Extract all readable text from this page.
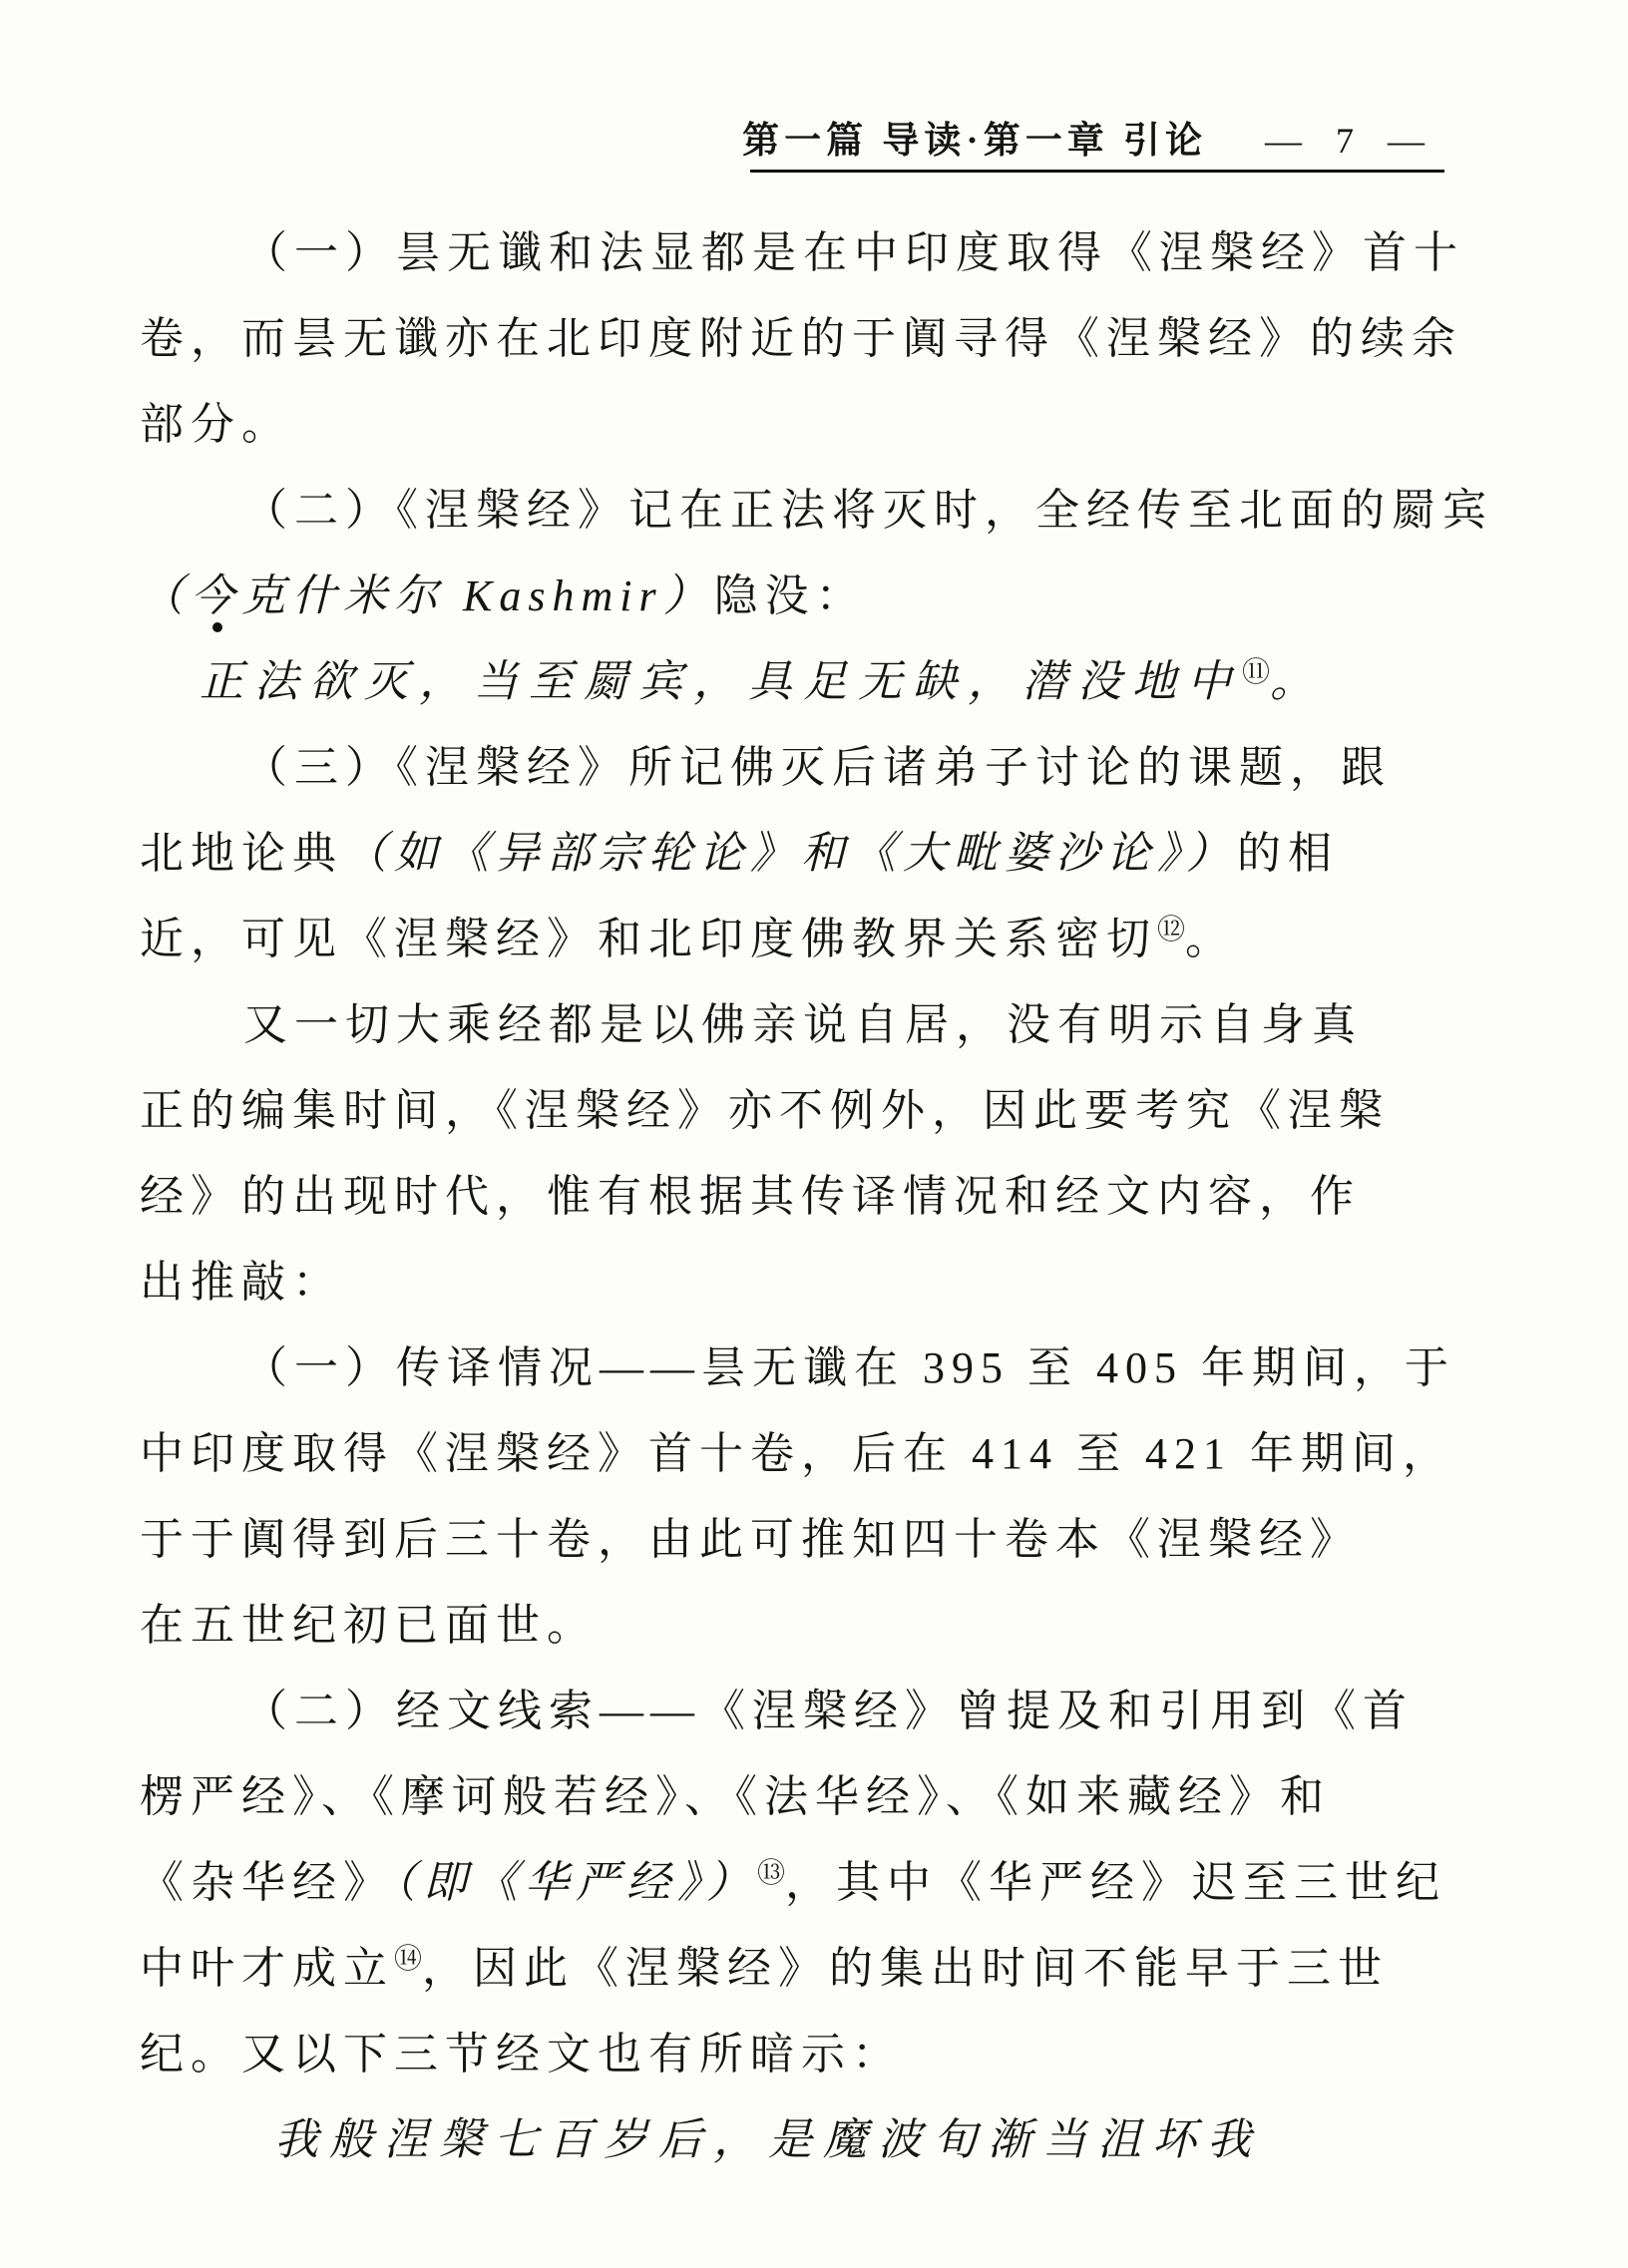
第一篇 导读·第一章 引论 — 7 —
（一）昙无谶和法显都是在中印度取得《涅槃经》首十
卷，而昙无谶亦在北印度附近的于阗寻得《涅槃经》的续余
部分。
（二）《涅槃经》记在正法将灭时，全经传至北面的罽宾
（今克什米尔 Kashmir）隐没：
正法欲灭，当至罽宾，具足无缺，潜没地中⑪。
（三）《涅槃经》所记佛灭后诸弟子讨论的课题，跟
北地论典（如《异部宗轮论》和《大毗婆沙论》）的相
近，可见《涅槃经》和北印度佛教界关系密切⑫。
又一切大乘经都是以佛亲说自居，没有明示自身真
正的编集时间，《涅槃经》亦不例外，因此要考究《涅槃
经》的出现时代，惟有根据其传译情况和经文内容，作
出推敲：
（一）传译情况——昙无谶在 395 至 405 年期间，于
中印度取得《涅槃经》首十卷，后在 414 至 421 年期间，
于于阗得到后三十卷，由此可推知四十卷本《涅槃经》
在五世纪初已面世。
（二）经文线索——《涅槃经》曾提及和引用到《首
楞严经》、《摩诃般若经》、《法华经》、《如来藏经》和
《杂华经》（即《华严经》）⑬，其中《华严经》迟至三世纪
中叶才成立⑭，因此《涅槃经》的集出时间不能早于三世
纪。又以下三节经文也有所暗示：
我般涅槃七百岁后，是魔波旬渐当沮坏我
